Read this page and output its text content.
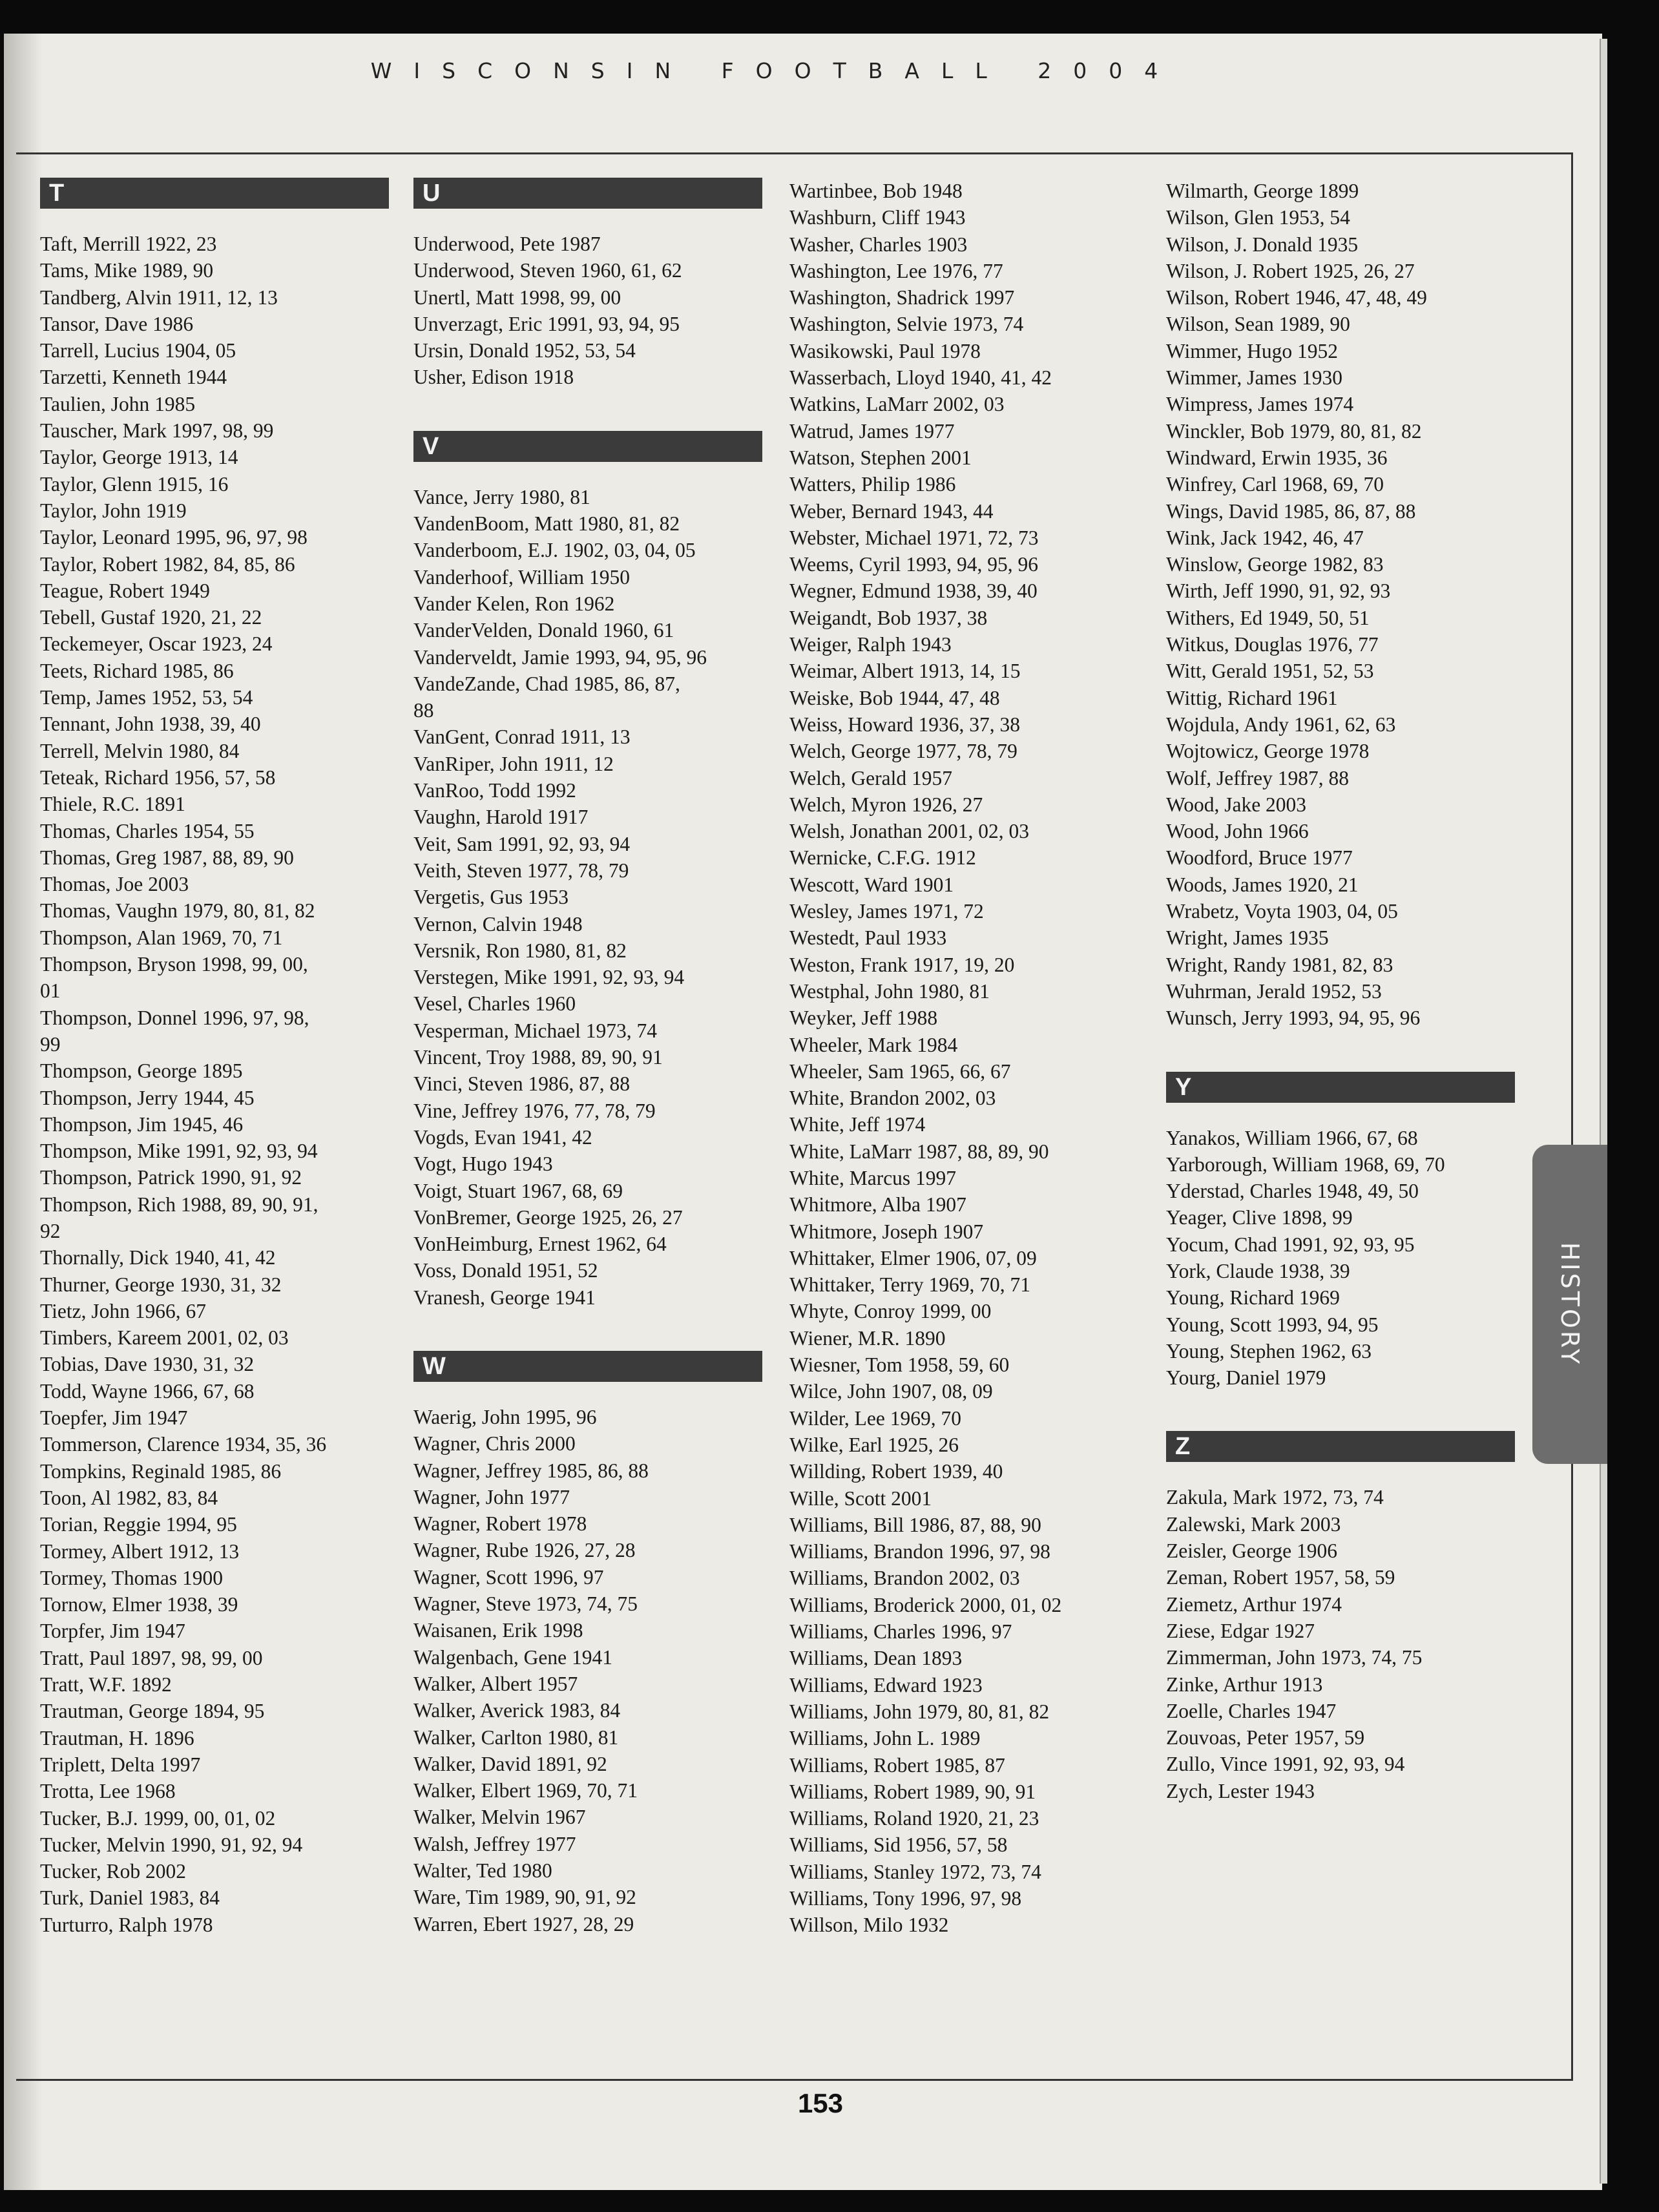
WISCONSIN FOOTBALL 2004
T
Taft, Merrill 1922, 23
Tams, Mike 1989, 90
Tandberg, Alvin 1911, 12, 13
Tansor, Dave 1986
Tarrell, Lucius 1904, 05
Tarzetti, Kenneth 1944
Taulien, John 1985
Tauscher, Mark 1997, 98, 99
Taylor, George 1913, 14
Taylor, Glenn 1915, 16
Taylor, John 1919
Taylor, Leonard 1995, 96, 97, 98
Taylor, Robert 1982, 84, 85, 86
Teague, Robert 1949
Tebell, Gustaf 1920, 21, 22
Teckemeyer, Oscar 1923, 24
Teets, Richard 1985, 86
Temp, James 1952, 53, 54
Tennant, John 1938, 39, 40
Terrell, Melvin 1980, 84
Teteak, Richard 1956, 57, 58
Thiele, R.C. 1891
Thomas, Charles 1954, 55
Thomas, Greg 1987, 88, 89, 90
Thomas, Joe 2003
Thomas, Vaughn 1979, 80, 81, 82
Thompson, Alan 1969, 70, 71
Thompson, Bryson 1998, 99, 00,
01
Thompson, Donnel 1996, 97, 98,
99
Thompson, George 1895
Thompson, Jerry 1944, 45
Thompson, Jim 1945, 46
Thompson, Mike 1991, 92, 93, 94
Thompson, Patrick 1990, 91, 92
Thompson, Rich 1988, 89, 90, 91,
92
Thornally, Dick 1940, 41, 42
Thurner, George 1930, 31, 32
Tietz, John 1966, 67
Timbers, Kareem 2001, 02, 03
Tobias, Dave 1930, 31, 32
Todd, Wayne 1966, 67, 68
Toepfer, Jim 1947
Tommerson, Clarence 1934, 35, 36
Tompkins, Reginald 1985, 86
Toon, Al 1982, 83, 84
Torian, Reggie 1994, 95
Tormey, Albert 1912, 13
Tormey, Thomas 1900
Tornow, Elmer 1938, 39
Torpfer, Jim 1947
Tratt, Paul 1897, 98, 99, 00
Tratt, W.F. 1892
Trautman, George 1894, 95
Trautman, H. 1896
Triplett, Delta 1997
Trotta, Lee 1968
Tucker, B.J. 1999, 00, 01, 02
Tucker, Melvin 1990, 91, 92, 94
Tucker, Rob 2002
Turk, Daniel 1983, 84
Turturro, Ralph 1978
U
Underwood, Pete 1987
Underwood, Steven 1960, 61, 62
Unertl, Matt 1998, 99, 00
Unverzagt, Eric 1991, 93, 94, 95
Ursin, Donald 1952, 53, 54
Usher, Edison 1918
V
Vance, Jerry 1980, 81
VandenBoom, Matt 1980, 81, 82
Vanderboom, E.J. 1902, 03, 04, 05
Vanderhoof, William 1950
Vander Kelen, Ron 1962
VanderVelden, Donald 1960, 61
Vanderveldt, Jamie 1993, 94, 95, 96
VandeZande, Chad 1985, 86, 87,
88
VanGent, Conrad 1911, 13
VanRiper, John 1911, 12
VanRoo, Todd 1992
Vaughn, Harold 1917
Veit, Sam 1991, 92, 93, 94
Veith, Steven 1977, 78, 79
Vergetis, Gus 1953
Vernon, Calvin 1948
Versnik, Ron 1980, 81, 82
Verstegen, Mike 1991, 92, 93, 94
Vesel, Charles 1960
Vesperman, Michael 1973, 74
Vincent, Troy 1988, 89, 90, 91
Vinci, Steven 1986, 87, 88
Vine, Jeffrey 1976, 77, 78, 79
Vogds, Evan 1941, 42
Vogt, Hugo 1943
Voigt, Stuart 1967, 68, 69
VonBremer, George 1925, 26, 27
VonHeimburg, Ernest 1962, 64
Voss, Donald 1951, 52
Vranesh, George 1941
W
Waerig, John 1995, 96
Wagner, Chris 2000
Wagner, Jeffrey 1985, 86, 88
Wagner, John 1977
Wagner, Robert 1978
Wagner, Rube 1926, 27, 28
Wagner, Scott 1996, 97
Wagner, Steve 1973, 74, 75
Waisanen, Erik 1998
Walgenbach, Gene 1941
Walker, Albert 1957
Walker, Averick 1983, 84
Walker, Carlton 1980, 81
Walker, David 1891, 92
Walker, Elbert 1969, 70, 71
Walker, Melvin 1967
Walsh, Jeffrey 1977
Walter, Ted 1980
Ware, Tim 1989, 90, 91, 92
Warren, Ebert 1927, 28, 29
Wartinbee, Bob 1948
Washburn, Cliff 1943
Washer, Charles 1903
Washington, Lee 1976, 77
Washington, Shadrick 1997
Washington, Selvie 1973, 74
Wasikowski, Paul 1978
Wasserbach, Lloyd 1940, 41, 42
Watkins, LaMarr 2002, 03
Watrud, James 1977
Watson, Stephen 2001
Watters, Philip 1986
Weber, Bernard 1943, 44
Webster, Michael 1971, 72, 73
Weems, Cyril 1993, 94, 95, 96
Wegner, Edmund 1938, 39, 40
Weigandt, Bob 1937, 38
Weiger, Ralph 1943
Weimar, Albert 1913, 14, 15
Weiske, Bob 1944, 47, 48
Weiss, Howard 1936, 37, 38
Welch, George 1977, 78, 79
Welch, Gerald 1957
Welch, Myron 1926, 27
Welsh, Jonathan 2001, 02, 03
Wernicke, C.F.G. 1912
Wescott, Ward 1901
Wesley, James 1971, 72
Westedt, Paul 1933
Weston, Frank 1917, 19, 20
Westphal, John 1980, 81
Weyker, Jeff 1988
Wheeler, Mark 1984
Wheeler, Sam 1965, 66, 67
White, Brandon 2002, 03
White, Jeff 1974
White, LaMarr 1987, 88, 89, 90
White, Marcus 1997
Whitmore, Alba 1907
Whitmore, Joseph 1907
Whittaker, Elmer 1906, 07, 09
Whittaker, Terry 1969, 70, 71
Whyte, Conroy 1999, 00
Wiener, M.R. 1890
Wiesner, Tom 1958, 59, 60
Wilce, John 1907, 08, 09
Wilder, Lee 1969, 70
Wilke, Earl 1925, 26
Willding, Robert 1939, 40
Wille, Scott 2001
Williams, Bill 1986, 87, 88, 90
Williams, Brandon 1996, 97, 98
Williams, Brandon 2002, 03
Williams, Broderick 2000, 01, 02
Williams, Charles 1996, 97
Williams, Dean 1893
Williams, Edward 1923
Williams, John 1979, 80, 81, 82
Williams, John L. 1989
Williams, Robert 1985, 87
Williams, Robert 1989, 90, 91
Williams, Roland 1920, 21, 23
Williams, Sid 1956, 57, 58
Williams, Stanley 1972, 73, 74
Williams, Tony 1996, 97, 98
Willson, Milo 1932
Wilmarth, George 1899
Wilson, Glen 1953, 54
Wilson, J. Donald 1935
Wilson, J. Robert 1925, 26, 27
Wilson, Robert 1946, 47, 48, 49
Wilson, Sean 1989, 90
Wimmer, Hugo 1952
Wimmer, James 1930
Wimpress, James 1974
Winckler, Bob 1979, 80, 81, 82
Windward, Erwin 1935, 36
Winfrey, Carl 1968, 69, 70
Wings, David 1985, 86, 87, 88
Wink, Jack 1942, 46, 47
Winslow, George 1982, 83
Wirth, Jeff 1990, 91, 92, 93
Withers, Ed 1949, 50, 51
Witkus, Douglas 1976, 77
Witt, Gerald 1951, 52, 53
Wittig, Richard 1961
Wojdula, Andy 1961, 62, 63
Wojtowicz, George 1978
Wolf, Jeffrey 1987, 88
Wood, Jake 2003
Wood, John 1966
Woodford, Bruce 1977
Woods, James 1920, 21
Wrabetz, Voyta 1903, 04, 05
Wright, James 1935
Wright, Randy 1981, 82, 83
Wuhrman, Jerald 1952, 53
Wunsch, Jerry 1993, 94, 95, 96
Y
Yanakos, William 1966, 67, 68
Yarborough, William 1968, 69, 70
Yderstad, Charles 1948, 49, 50
Yeager, Clive 1898, 99
Yocum, Chad 1991, 92, 93, 95
York, Claude 1938, 39
Young, Richard 1969
Young, Scott 1993, 94, 95
Young, Stephen 1962, 63
Yourg, Daniel 1979
Z
Zakula, Mark 1972, 73, 74
Zalewski, Mark 2003
Zeisler, George 1906
Zeman, Robert 1957, 58, 59
Ziemetz, Arthur 1974
Ziese, Edgar 1927
Zimmerman, John 1973, 74, 75
Zinke, Arthur 1913
Zoelle, Charles 1947
Zouvoas, Peter 1957, 59
Zullo, Vince 1991, 92, 93, 94
Zych, Lester 1943
HISTORY
153
